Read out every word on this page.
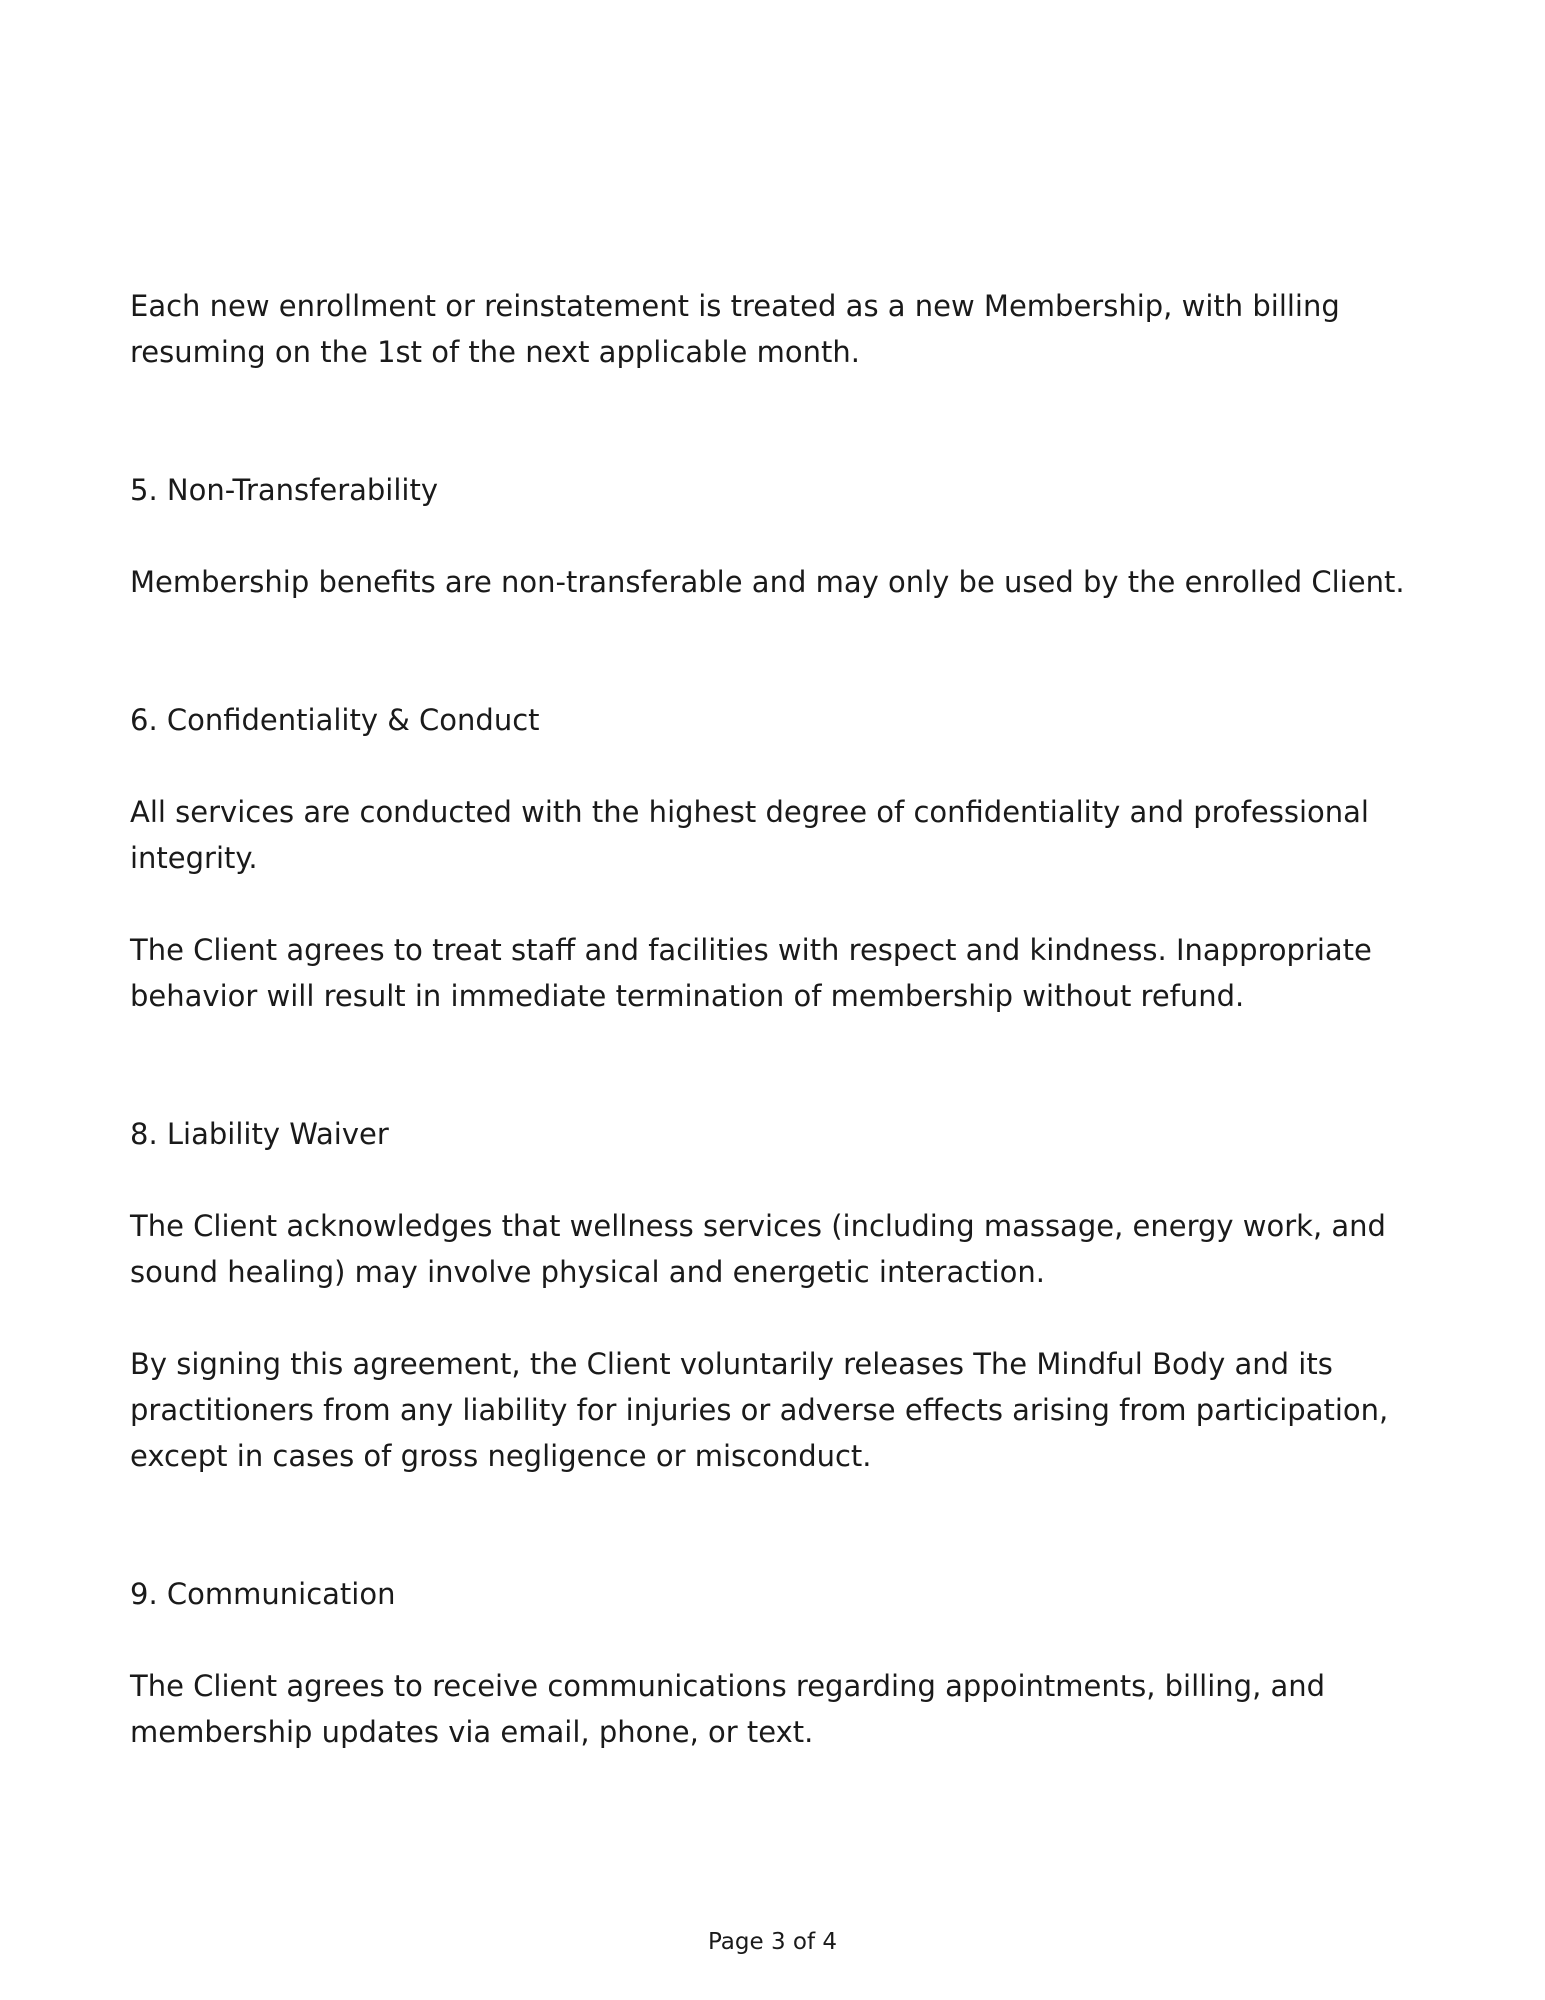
Each new enrollment or reinstatement is treated as a new Membership, with billing resuming on the 1st of the next applicable month.

5. Non-Transferability

Membership benefits are non-transferable and may only be used by the enrolled Client.

6. Confidentiality & Conduct

All services are conducted with the highest degree of confidentiality and professional integrity.

The Client agrees to treat staff and facilities with respect and kindness. Inappropriate behavior will result in immediate termination of membership without refund.

8. Liability Waiver

The Client acknowledges that wellness services (including massage, energy work, and sound healing) may involve physical and energetic interaction.

By signing this agreement, the Client voluntarily releases The Mindful Body and its practitioners from any liability for injuries or adverse effects arising from participation, except in cases of gross negligence or misconduct.

9. Communication

The Client agrees to receive communications regarding appointments, billing, and membership updates via email, phone, or text.

Page 3 of 4
